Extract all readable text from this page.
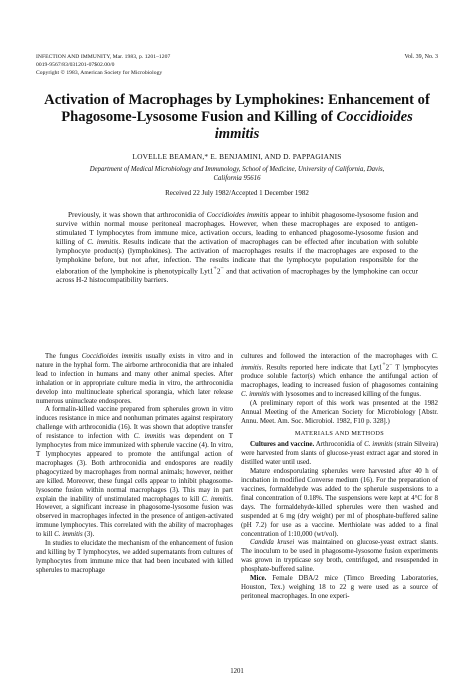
INFECTION AND IMMUNITY, Mar. 1983, p. 1201–1207
0019-9567/83/031201-07$02.00/0
Copyright © 1983, American Society for Microbiology
Vol. 39, No. 3
Activation of Macrophages by Lymphokines: Enhancement of
Phagosome-Lysosome Fusion and Killing of Coccidioides
immitis
LOVELLE BEAMAN,* E. BENJAMINI, AND D. PAPPAGIANIS
Department of Medical Microbiology and Immunology, School of Medicine, University of California, Davis,
California 95616
Received 22 July 1982/Accepted 1 December 1982
Previously, it was shown that arthroconidia of Coccidioides immitis appear to inhibit phagosome-lysosome fusion and survive within normal mouse peritoneal macrophages. However, when these macrophages are exposed to antigen-stimulated T lymphocytes from immune mice, activation occurs, leading to enhanced phagosome-lysosome fusion and killing of C. immitis. Results indicate that the activation of macrophages can be effected after incubation with soluble lymphocyte product(s) (lymphokines). The activation of macrophages results if the macrophages are exposed to the lymphokine before, but not after, infection. The results indicate that the lymphocyte population responsible for the elaboration of the lymphokine is phenotypically Lyt1+2− and that activation of macrophages by the lymphokine can occur across H-2 histocompatibility barriers.

The fungus Coccidioides immitis usually exists in vitro and in nature in the hyphal form. The airborne arthroconidia that are inhaled lead to infection in humans and many other animal species. After inhalation or in appropriate culture media in vitro, the arthroconidia develop into multinucleate spherical sporangia, which later release numerous uninucleate endospores.

A formalin-killed vaccine prepared from spherules grown in vitro induces resistance in mice and nonhuman primates against respiratory challenge with arthroconidia (16). It was shown that adoptive transfer of resistance to infection with C. immitis was dependent on T lymphocytes from mice immunized with spherule vaccine (4). In vitro, T lymphocytes appeared to promote the antifungal action of macrophages (3). Both arthroconidia and endospores are readily phagocytized by macrophages from normal animals; however, neither are killed. Moreover, these fungal cells appear to inhibit phagosome-lysosome fusion within normal macrophages (3). This may in part explain the inability of unstimulated macrophages to kill C. immitis. However, a significant increase in phagosome-lysosome fusion was observed in macrophages infected in the presence of antigen-activated immune lymphocytes. This correlated with the ability of macrophages to kill C. immitis (3).

In studies to elucidate the mechanism of the enhancement of fusion and killing by T lymphocytes, we added supernatants from cultures of lymphocytes from immune mice that had been incubated with killed spherules to macrophage

cultures and followed the interaction of the macrophages with C. immitis. Results reported here indicate that Lyt1+2− T lymphocytes produce soluble factor(s) which enhance the antifungal action of macrophages, leading to increased fusion of phagosomes containing C. immitis with lysosomes and to increased killing of the fungus.

(A preliminary report of this work was presented at the 1982 Annual Meeting of the American Society for Microbiology [Abstr. Annu. Meet. Am. Soc. Microbiol. 1982, F10 p. 328].)

MATERIALS AND METHODS

Cultures and vaccine. Arthroconidia of C. immitis (strain Silveira) were harvested from slants of glucose-yeast extract agar and stored in distilled water until used.

Mature endosporulating spherules were harvested after 40 h of incubation in modified Converse medium (16). For the preparation of vaccines, formaldehyde was added to the spherule suspensions to a final concentration of 0.18%. The suspensions were kept at 4°C for 8 days. The formaldehyde-killed spherules were then washed and suspended at 6 mg (dry weight) per ml of phosphate-buffered saline (pH 7.2) for use as a vaccine. Merthiolate was added to a final concentration of 1:10,000 (wt/vol).

Candida krusei was maintained on glucose-yeast extract slants. The inoculum to be used in phagosome-lysosome fusion experiments was grown in trypticase soy broth, centrifuged, and resuspended in phosphate-buffered saline.

Mice. Female DBA/2 mice (Timco Breeding Laboratories, Houston, Tex.) weighing 18 to 22 g were used as a source of peritoneal macrophages. In one experi-

1201
